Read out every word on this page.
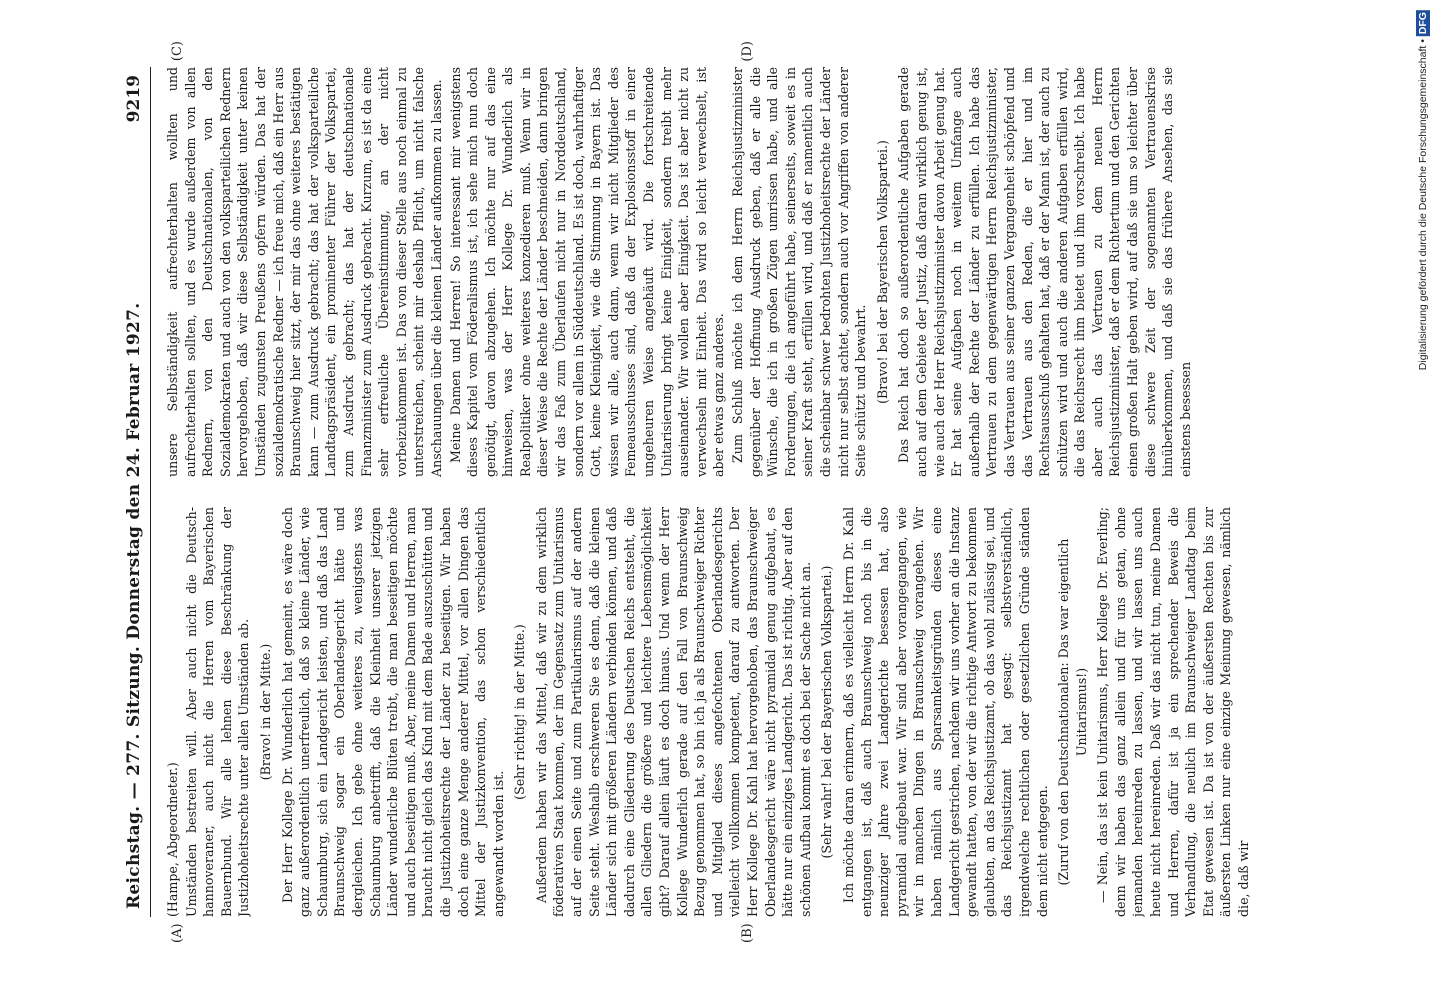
Reichstag. — 277. Sitzung. Donnerstag den 24. Februar 1927.
9219

(Hampe, Abgeordneter.) Umständen bestreiten will. Aber auch nicht die Deutsch-hannoveraner, auch nicht die Herren vom Bayerischen Bauernbund. Wir alle lehnen diese Beschränkung der Justizhoheitsrechte unter allen Umständen ab. (Bravo! in der Mitte.) Der Herr Kollege Dr. Wunderlich hat gemeint, es wäre doch ganz außerordentlich unerfreulich, daß so kleine Länder, wie Schaumburg, sich ein Landgericht leisten, und daß das Land Braunschweig sogar ein Oberlandesgericht hätte und dergleichen. Ich gebe ohne weiteres zu, wenigstens was Schaumburg anbetrifft, daß die Kleinheit unserer jetzigen Länder wunderliche Blüten treibt, die man beseitigen möchte und auch beseitigen muß. Aber, meine Damen und Herren, man braucht nicht gleich das Kind mit dem Bade auszuschütten und die Justizhoheitsrechte der Länder zu beseitigen. Wir haben doch eine ganze Menge anderer Mittel, vor allen Dingen das Mittel der Justizkonvention, das schon verschiedentlich angewandt worden ist.

(Sehr richtig! in der Mitte.) Außerdem haben wir das Mittel, daß wir zu dem wirklich föderativen Staat kommen, der im Gegensatz zum Unitarismus auf der einen Seite und zum Partikularismus auf der andern Seite steht. Weshalb erschweren Sie es denn, daß die kleinen Länder sich mit größeren Ländern verbinden können, und daß dadurch eine Gliederung des Deutschen Reichs entsteht, die allen Gliedern die größere und leichtere Lebensmöglichkeit gibt? Darauf allein läuft es doch hinaus. Und wenn der Herr Kollege Wunderlich gerade auf den Fall von Braunschweig Bezug genommen hat, so bin ich ja als Braunschweiger Richter und Mitglied dieses angefochtenen Oberlandesgerichts vielleicht vollkommen kompetent, darauf zu antworten. Der Herr Kollege Dr. Kahl hat hervorgehoben, das Braunschweiger Oberlandesgericht wäre nicht pyramidal genug aufgebaut, es hätte nur ein einziges Landgericht. Das ist richtig. Aber auf den schönen Aufbau kommt es doch bei der Sache nicht an. (Sehr wahr! bei der Bayerischen Volkspartei.) Ich möchte daran erinnern, daß es vielleicht Herrn Dr. Kahl entgangen ist, daß auch Braunschweig noch bis in die neunziger Jahre zwei Landgerichte besessen hat, also pyramidal aufgebaut war. Wir sind aber vorangegangen, wie wir in manchen Dingen in Braunschweig vorangehen. Wir haben nämlich aus Sparsamkeitsgründen dieses eine Landgericht gestrichen, nachdem wir uns vorher an die Instanz gewandt hatten, von der wir die richtige Antwort zu bekommen glaubten, an das Reichsjustizamt, ob das wohl zulässig sei, und das Reichsjustizamt hat gesagt: selbstverständlich, irgendwelche rechtlichen oder gesetzlichen Gründe ständen dem nicht entgegen. (Zuruf von den Deutschnationalen: Das war eigentlich Unitarismus!) — Nein, das ist kein Unitarismus, Herr Kollege Dr. Everling; denn wir haben das ganz allein und für uns getan, ohne jemanden hereinreden zu lassen, und wir lassen uns auch heute nicht hereinreden. Daß wir das nicht tun, meine Damen und Herren, dafür ist ja ein sprechender Beweis die Verhandlung, die neulich im Braunschweiger Landtag beim Etat gewesen ist. Da ist von der äußersten Rechten bis zur äußersten Linken nur eine einzige Meinung gewesen, nämlich die, daß wir

unsere Selbständigkeit aufrechterhalten wollten und aufrechterhalten sollten, und es wurde außerdem von allen Rednern, von den Deutschnationalen, von den Sozialdemokraten und auch von den volksparteilichen Rednern hervorgehoben, daß wir diese Selbständigkeit unter keinen Umständen zugunsten Preußens opfern würden. Das hat der sozialdemokratische Redner — ich freue mich, daß ein Herr aus Braunschweig hier sitzt, der mir das ohne weiteres bestätigen kann — zum Ausdruck gebracht; das hat der volksparteiliche Landtagspräsident, ein prominenter Führer der Volkspartei, zum Ausdruck gebracht; das hat der deutschnationale Finanzminister zum Ausdruck gebracht. Kurzum, es ist da eine sehr erfreuliche Übereinstimmung, an der nicht vorbeizukommen ist. Das von dieser Stelle aus noch einmal zu unterstreichen, scheint mir deshalb Pflicht, um nicht falsche Anschauungen über die kleinen Länder aufkommen zu lassen. Meine Damen und Herren! So interessant mir wenigstens dieses Kapitel vom Föderalismus ist, ich sehe mich nun doch genötigt, davon abzugehen. Ich möchte nur auf das eine hinweisen, was der Herr Kollege Dr. Wunderlich als Realpolitiker ohne weiteres konzedieren muß. Wenn wir in dieser Weise die Rechte der Länder beschneiden, dann bringen wir das Faß zum Überlaufen nicht nur in Norddeutschland, sondern vor allem in Süddeutschland. Es ist doch, wahrhaftiger Gott, keine Kleinigkeit, wie die Stimmung in Bayern ist. Das wissen wir alle, auch dann, wenn wir nicht Mitglieder des Femeausschusses sind, daß da der Explosionsstoff in einer ungeheuren Weise angehäuft wird. Die fortschreitende Unitarisierung bringt keine Einigkeit, sondern treibt mehr auseinander. Wir wollen aber Einigkeit. Das ist aber nicht zu verwechseln mit Einheit. Das wird so leicht verwechselt, ist aber etwas ganz anderes. Zum Schluß möchte ich dem Herrn Reichsjustizminister gegenüber der Hoffnung Ausdruck geben, daß er alle die Wünsche, die ich in großen Zügen umrissen habe, und alle Forderungen, die ich angeführt habe, seinerseits, soweit es in seiner Kraft steht, erfüllen wird, und daß er namentlich auch die scheinbar schwer bedrohten Justizhoheitsrechte der Länder nicht nur selbst achtet, sondern auch vor Angriffen von anderer Seite schützt und bewahrt. (Bravo! bei der Bayerischen Volkspartei.) Das Reich hat doch so außerordentliche Aufgaben gerade auch auf dem Gebiete der Justiz, daß daran wirklich genug ist, wie auch der Herr Reichsjustizminister davon Arbeit genug hat. Er hat seine Aufgaben noch in weitem Umfange auch außerhalb der Rechte der Länder zu erfüllen. Ich habe das Vertrauen zu dem gegenwärtigen Herrn Reichsjustizminister, das Vertrauen aus seiner ganzen Vergangenheit schöpfend und das Vertrauen aus den Reden, die er hier und im Rechtsausschuß gehalten hat, daß er der Mann ist, der auch zu schützen wird und auch die anderen Aufgaben erfüllen wird, die das Reichsrecht ihm bietet und ihm vorschreibt. Ich habe aber auch das Vertrauen zu dem neuen Herrn Reichsjustizminister, daß er dem Richtertum und den Gerichten einen großen Halt geben wird, auf daß sie um so leichter über diese schwere Zeit der sogenannten Vertrauenskrise hinüberkommen, und daß sie das frühere Ansehen, das sie einstens besessen

(A)	(B)
(C)	(D)	Digitalisierung gefördert durch die Deutsche Forschungsgemeinschaft • DFG
